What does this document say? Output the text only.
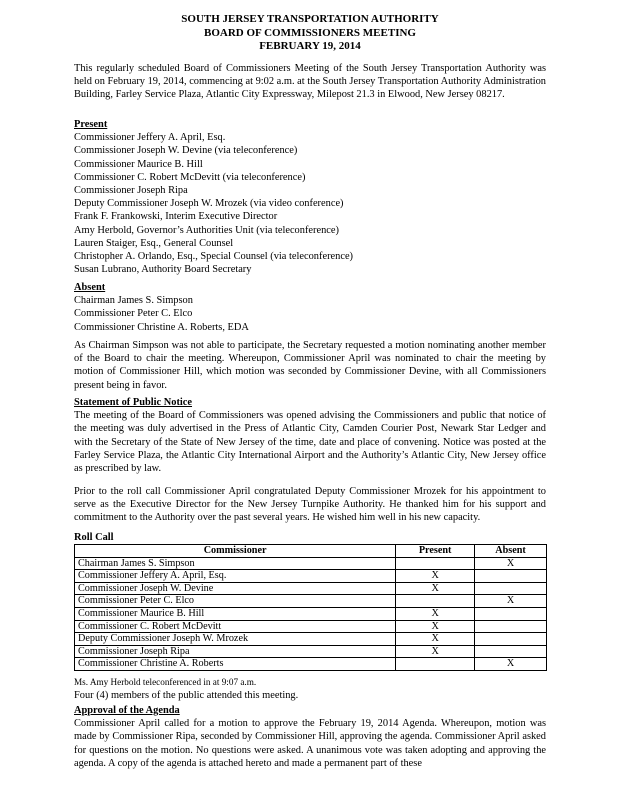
SOUTH JERSEY TRANSPORTATION AUTHORITY
BOARD OF COMMISSIONERS MEETING
FEBRUARY 19, 2014
This regularly scheduled Board of Commissioners Meeting of the South Jersey Transportation Authority was held on February 19, 2014, commencing at 9:02 a.m. at the South Jersey Transportation Authority Administration Building, Farley Service Plaza, Atlantic City Expressway, Milepost 21.3 in Elwood, New Jersey 08217.
Present
Commissioner Jeffery A. April, Esq.
Commissioner Joseph W. Devine (via teleconference)
Commissioner Maurice B. Hill
Commissioner C. Robert McDevitt (via teleconference)
Commissioner Joseph Ripa
Deputy Commissioner Joseph W. Mrozek (via video conference)
Frank F. Frankowski, Interim Executive Director
Amy Herbold, Governor’s Authorities Unit (via teleconference)
Lauren Staiger, Esq., General Counsel
Christopher A. Orlando, Esq., Special Counsel (via teleconference)
Susan Lubrano, Authority Board Secretary
Absent
Chairman James S. Simpson
Commissioner Peter C. Elco
Commissioner Christine A. Roberts, EDA
As Chairman Simpson was not able to participate, the Secretary requested a motion nominating another member of the Board to chair the meeting. Whereupon, Commissioner April was nominated to chair the meeting by motion of Commissioner Hill, which motion was seconded by Commissioner Devine, with all Commissioners present being in favor.
Statement of Public Notice
The meeting of the Board of Commissioners was opened advising the Commissioners and public that notice of the meeting was duly advertised in the Press of Atlantic City, Camden Courier Post, Newark Star Ledger and with the Secretary of the State of New Jersey of the time, date and place of convening. Notice was posted at the Farley Service Plaza, the Atlantic City International Airport and the Authority’s Atlantic City, New Jersey office as prescribed by law.
Prior to the roll call Commissioner April congratulated Deputy Commissioner Mrozek for his appointment to serve as the Executive Director for the New Jersey Turnpike Authority. He thanked him for his support and commitment to the Authority over the past several years. He wished him well in his new capacity.
Roll Call
Commissioner	Present	Absent
Chairman James S. Simpson		X
Commissioner Jeffery A. April, Esq.	X	
Commissioner Joseph W. Devine	X	
Commissioner Peter C. Elco		X
Commissioner Maurice B. Hill	X	
Commissioner C. Robert McDevitt	X	
Deputy Commissioner Joseph W. Mrozek	X	
Commissioner Joseph Ripa	X	
Commissioner Christine A. Roberts		X
Ms. Amy Herbold teleconferenced in at 9:07 a.m.
Four (4) members of the public attended this meeting.
Approval of the Agenda
Commissioner April called for a motion to approve the February 19, 2014 Agenda. Whereupon, motion was made by Commissioner Ripa, seconded by Commissioner Hill, approving the agenda. Commissioner April asked for questions on the motion. No questions were asked. A unanimous vote was taken adopting and approving the agenda. A copy of the agenda is attached hereto and made a permanent part of these
